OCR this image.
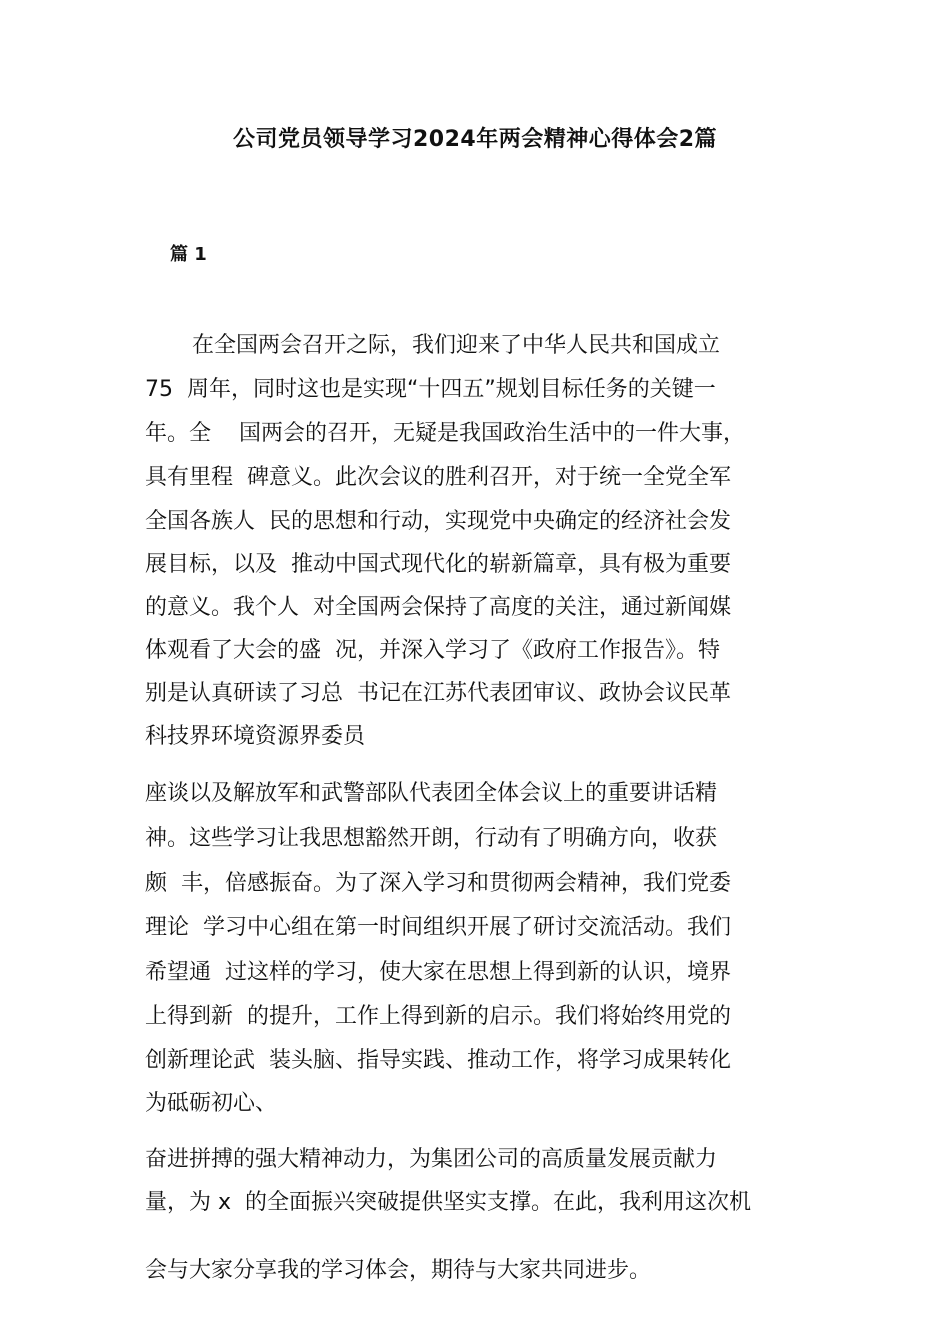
公司党员领导学习2024年两会精神心得体会2篇
篇 1
在全国两会召开之际，我们迎来了中华人民共和国成立
75  周年，同时这也是实现“十四五”规划目标任务的关键一
年。全    国两会的召开，无疑是我国政治生活中的一件大事，
具有里程  碑意义。此次会议的胜利召开，对于统一全党全军
全国各族人  民的思想和行动，实现党中央确定的经济社会发
展目标，以及  推动中国式现代化的崭新篇章，具有极为重要
的意义。我个人  对全国两会保持了高度的关注，通过新闻媒
体观看了大会的盛  况，并深入学习了《政府工作报告》。特
别是认真研读了习总  书记在江苏代表团审议、政协会议民革
科技界环境资源界委员
座谈以及解放军和武警部队代表团全体会议上的重要讲话精
神。这些学习让我思想豁然开朗，行动有了明确方向，收获
颇  丰，倍感振奋。为了深入学习和贯彻两会精神，我们党委
理论  学习中心组在第一时间组织开展了研讨交流活动。我们
希望通  过这样的学习，使大家在思想上得到新的认识，境界
上得到新  的提升，工作上得到新的启示。我们将始终用党的
创新理论武  装头脑、指导实践、推动工作，将学习成果转化
为砥砺初心、
奋进拼搏的强大精神动力，为集团公司的高质量发展贡献力
量，为 x  的全面振兴突破提供坚实支撑。在此，我利用这次机
会与大家分享我的学习体会，期待与大家共同进步。
